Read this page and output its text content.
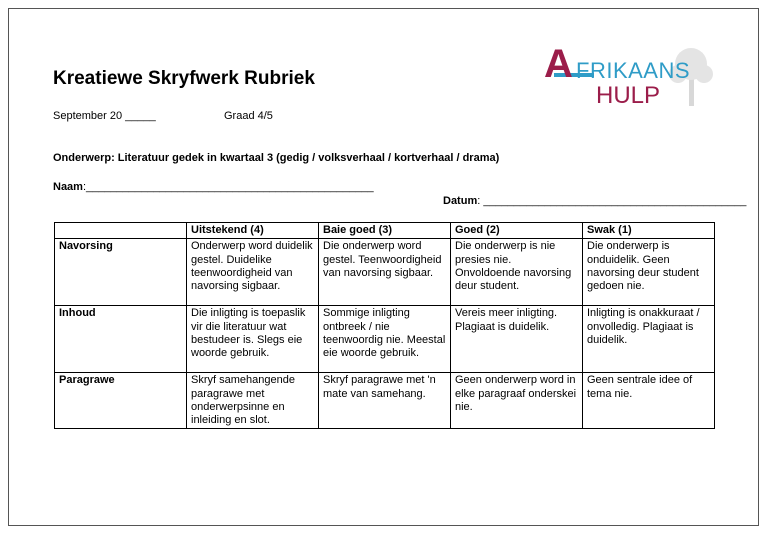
Kreatiewe Skryfwerk Rubriek	A FRIKAANS
HULP
September 20 _____	Graad 4/5
Onderwerp: Literatuur gedek in kwartaal 3 (gedig / volksverhaal / kortverhaal / drama)
Naam:_______________________________________________
Datum: ___________________________________________
	Uitstekend (4)	Baie goed (3)	Goed (2)	Swak (1)
Navorsing	Onderwerp word duidelik gestel. Duidelike teenwoordigheid van navorsing sigbaar.	Die onderwerp word gestel. Teenwoordigheid van navorsing sigbaar.	Die onderwerp is nie presies nie. Onvoldoende navorsing deur student.	Die onderwerp is onduidelik. Geen navorsing deur student gedoen nie.
Inhoud	Die inligting is toepaslik vir die literatuur wat bestudeer is. Slegs eie woorde gebruik.	Sommige inligting ontbreek / nie teenwoordig nie. Meestal eie woorde gebruik.	Vereis meer inligting. Plagiaat is duidelik.	Inligting is onakkuraat / onvolledig. Plagiaat is duidelik.
Paragrawe	Skryf samehangende paragrawe met onderwerpsinne en inleiding en slot.	Skryf paragrawe met 'n mate van samehang.	Geen onderwerp word in elke paragraaf onderskei nie.	Geen sentrale idee of tema nie.
